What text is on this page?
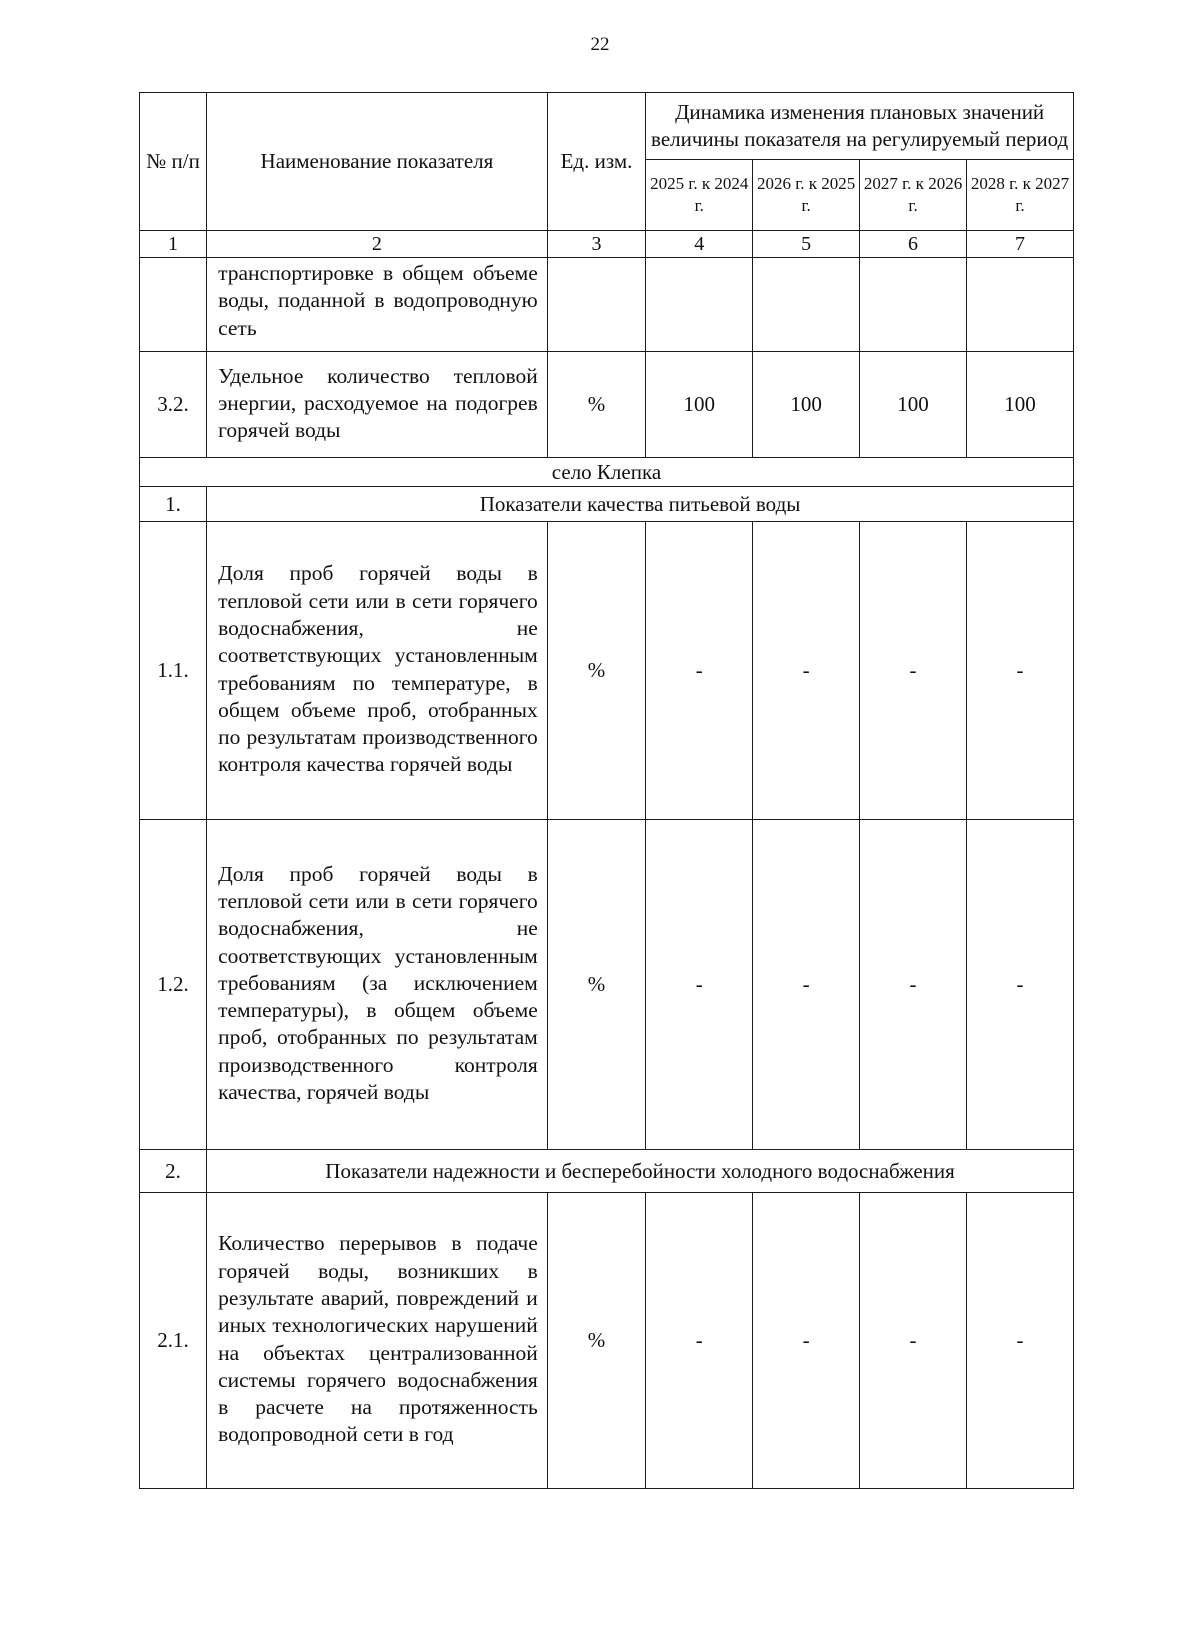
22
№ п/п	Наименование показателя	Ед. изм.	Динамика изменения плановых значений величины показателя на регулируемый период			
			2025 г. к 2024 г.	2026 г. к 2025 г.	2027 г. к 2026 г.	2028 г. к 2027 г.
1	2	3	4	5	6	7
	транспортировке в общем объеме воды, поданной в водопроводную сеть					
3.2.	Удельное количество тепловой энергии, расходуемое на подогрев горячей воды	%	100	100	100	100
село Клепка						
1.	Показатели качества питьевой воды					
1.1.	Доля проб горячей воды в тепловой сети или в сети горячего водоснабжения, не соответствующих установленным требованиям по температуре, в общем объеме проб, отобранных по результатам производственного контроля качества горячей воды	%	-	-	-	-
1.2.	Доля проб горячей воды в тепловой сети или в сети горячего водоснабжения, не соответствующих установленным требованиям (за исключением температуры), в общем объеме проб, отобранных по результатам производственного контроля качества, горячей воды	%	-	-	-	-
2.	Показатели надежности и бесперебойности холодного водоснабжения					
2.1.	Количество перерывов в подаче горячей воды, возникших в результате аварий, повреждений и иных технологических нарушений на объектах централизованной системы горячего водоснабжения в расчете на протяженность водопроводной сети в год	%	-	-	-	-
